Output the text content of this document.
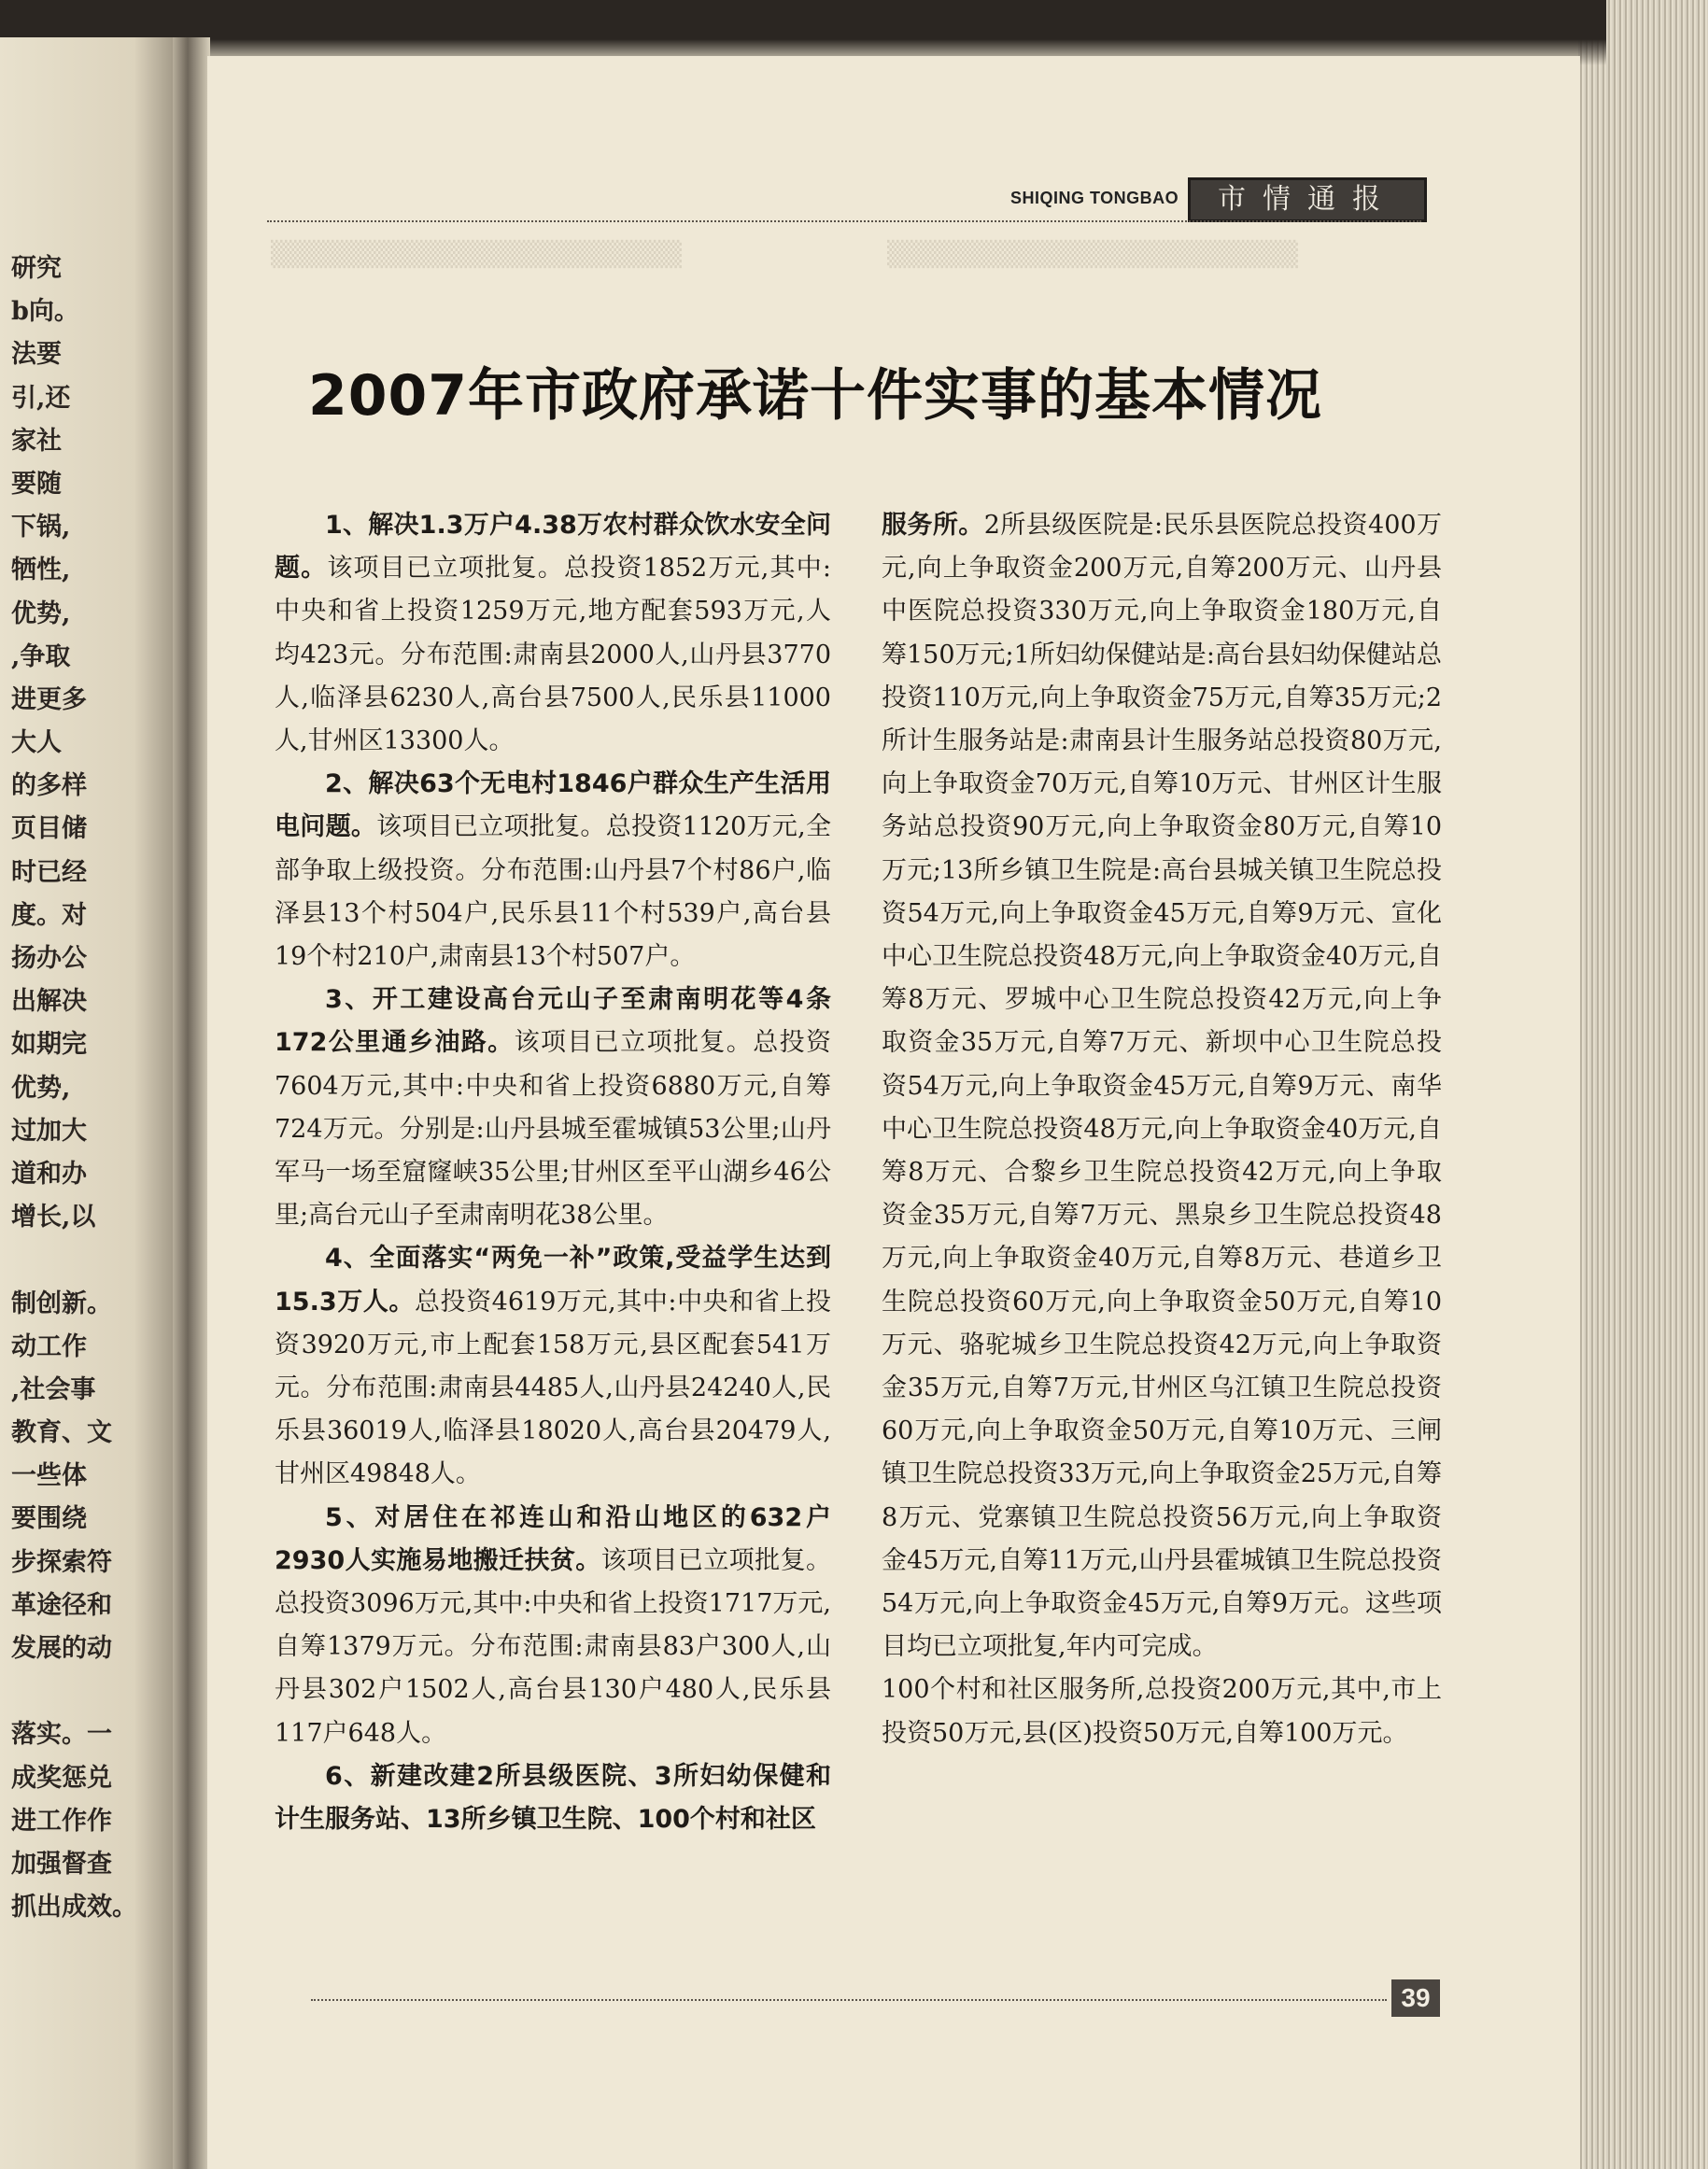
研究
b向。
法要
引,还
家社
要随
下锅,
牺性,
优势,
,争取
进更多
大人
的多样
页目储
时已经
度。对
扬办公
出解决
如期完
优势,
过加大
道和办
增长,以
制创新。
动工作
,社会事
教育、文
一些体
要围绕
步探索符
革途径和
发展的动
落实。一
成奖惩兑
进工作作
加强督查
抓出成效。
SHIQING TONGBAO	市情通报
▒▒▒▒▒▒▒▒▒▒▒▒▒▒▒▒▒▒▒▒▒▒
▒▒▒▒▒▒▒▒▒▒▒▒▒▒▒▒▒▒▒▒▒▒
2007年市政府承诺十件实事的基本情况

1、解决1.3万户4.38万农村群众饮水安全问题。该项目已立项批复。总投资1852万元,其中:中央和省上投资1259万元,地方配套593万元,人均423元。分布范围:肃南县2000人,山丹县3770人,临泽县6230人,高台县7500人,民乐县11000人,甘州区13300人。

2、解决63个无电村1846户群众生产生活用电问题。该项目已立项批复。总投资1120万元,全部争取上级投资。分布范围:山丹县7个村86户,临泽县13个村504户,民乐县11个村539户,高台县19个村210户,肃南县13个村507户。

3、开工建设高台元山子至肃南明花等4条172公里通乡油路。该项目已立项批复。总投资7604万元,其中:中央和省上投资6880万元,自筹724万元。分别是:山丹县城至霍城镇53公里;山丹军马一场至窟窿峡35公里;甘州区至平山湖乡46公里;高台元山子至肃南明花38公里。

4、全面落实“两免一补”政策,受益学生达到15.3万人。总投资4619万元,其中:中央和省上投资3920万元,市上配套158万元,县区配套541万元。分布范围:肃南县4485人,山丹县24240人,民乐县36019人,临泽县18020人,高台县20479人,甘州区49848人。

5、对居住在祁连山和沿山地区的632户2930人实施易地搬迁扶贫。该项目已立项批复。总投资3096万元,其中:中央和省上投资1717万元,自筹1379万元。分布范围:肃南县83户300人,山丹县302户1502人,高台县130户480人,民乐县117户648人。

6、新建改建2所县级医院、3所妇幼保健和计生服务站、13所乡镇卫生院、100个村和社区

服务所。2所县级医院是:民乐县医院总投资400万元,向上争取资金200万元,自筹200万元、山丹县中医院总投资330万元,向上争取资金180万元,自筹150万元;1所妇幼保健站是:高台县妇幼保健站总投资110万元,向上争取资金75万元,自筹35万元;2所计生服务站是:肃南县计生服务站总投资80万元,向上争取资金70万元,自筹10万元、甘州区计生服务站总投资90万元,向上争取资金80万元,自筹10万元;13所乡镇卫生院是:高台县城关镇卫生院总投资54万元,向上争取资金45万元,自筹9万元、宣化中心卫生院总投资48万元,向上争取资金40万元,自筹8万元、罗城中心卫生院总投资42万元,向上争取资金35万元,自筹7万元、新坝中心卫生院总投资54万元,向上争取资金45万元,自筹9万元、南华中心卫生院总投资48万元,向上争取资金40万元,自筹8万元、合黎乡卫生院总投资42万元,向上争取资金35万元,自筹7万元、黑泉乡卫生院总投资48万元,向上争取资金40万元,自筹8万元、巷道乡卫生院总投资60万元,向上争取资金50万元,自筹10万元、骆驼城乡卫生院总投资42万元,向上争取资金35万元,自筹7万元,甘州区乌江镇卫生院总投资60万元,向上争取资金50万元,自筹10万元、三闸镇卫生院总投资33万元,向上争取资金25万元,自筹8万元、党寨镇卫生院总投资56万元,向上争取资金45万元,自筹11万元,山丹县霍城镇卫生院总投资54万元,向上争取资金45万元,自筹9万元。这些项目均已立项批复,年内可完成。

100个村和社区服务所,总投资200万元,其中,市上投资50万元,县(区)投资50万元,自筹100万元。

39
